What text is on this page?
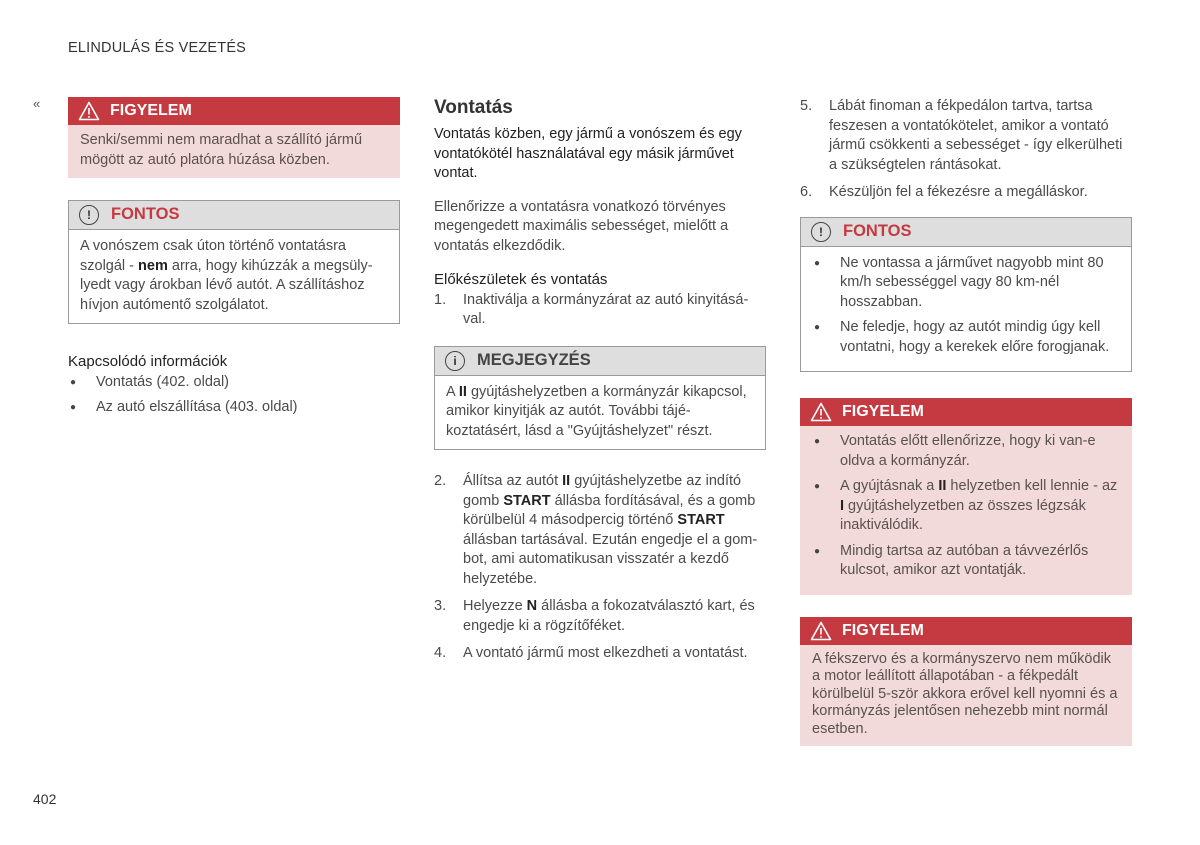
ELINDULÁS ÉS VEZETÉS
«	FIGYELEM
Senki/semmi nem maradhat a szállító jármű mögött az autó platóra húzása közben.
!	FONTOS
A vonószem csak úton történő vontatásra szolgál - nem arra, hogy kihúzzák a megsülylyedt vagy árokban lévő autót. A szállításhoz hívjon autómentő szolgálatot.
Kapcsolódó információk
● Vontatás (402. oldal)
● Az autó elszállítása (403. oldal)
Vontatás

Vontatás közben, egy jármű a vonószem és egy vontatókötél használatával egy másik járművet vontat.

Ellenőrizze a vontatásra vonatkozó törvényes megengedett maximális sebességet, mielőtt a vontatás elkezdődik.

Előkészületek és vontatás
1.	Inaktiválja a kormányzárat az autó kinyitásával.
i	MEGJEGYZÉS
A II gyújtáshelyzetben a kormányzár kikapcsol, amikor kinyitják az autót. További tájékoztatásért, lásd a "Gyújtáshelyzet" részt.
2.	Állítsa az autót II gyújtáshelyzetbe az indító gomb START állásba fordításával, és a gomb körülbelül 4 másodpercig történő START állásban tartásával. Ezután engedje el a gombot, ami automatikusan visszatér a kezdő helyzetébe.
3.	Helyezze N állásba a fokozatválasztó kart, és engedje ki a rögzítőféket.
4.	A vontató jármű most elkezdheti a vontatást.
5.	Lábát finoman a fékpedálon tartva, tartsa feszesen a vontatókötelet, amikor a vontató jármű csökkenti a sebességet - így elkerülheti a szükségtelen rántásokat.
6.	Készüljön fel a fékezésre a megálláskor.
!	FONTOS
● Ne vontassa a járművet nagyobb mint 80 km/h sebességgel vagy 80 km-nél hosszabban.
● Ne feledje, hogy az autót mindig úgy kell vontatni, hogy a kerekek előre forogjanak.
FIGYELEM
● Vontatás előtt ellenőrizze, hogy ki van-e oldva a kormányzár.
● A gyújtásnak a II helyzetben kell lennie - az I gyújtáshelyzetben az összes légzsák inaktiválódik.
● Mindig tartsa az autóban a távvezérlős kulcsot, amikor azt vontatják.
FIGYELEM
A fékszervo és a kormányszervo nem működik a motor leállított állapotában - a fékpedált körülbelül 5-ször akkora erővel kell nyomni és a kormányzás jelentősen nehezebb mint normál esetben.
402
